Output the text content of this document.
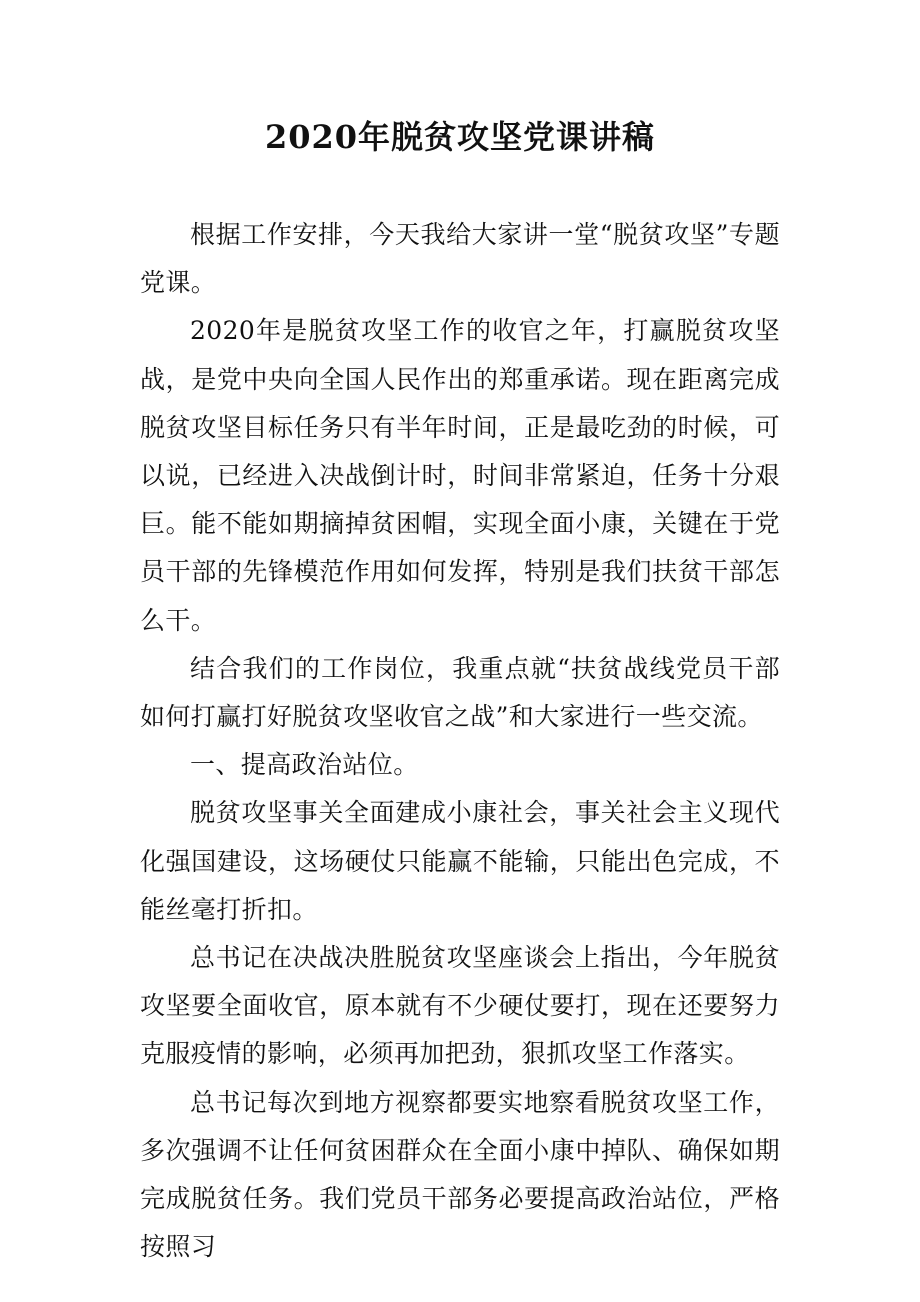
2020年脱贫攻坚党课讲稿

根据工作安排，今天我给大家讲一堂“脱贫攻坚”专题党课。

2020年是脱贫攻坚工作的收官之年，打赢脱贫攻坚战，是党中央向全国人民作出的郑重承诺。现在距离完成脱贫攻坚目标任务只有半年时间，正是最吃劲的时候，可以说，已经进入决战倒计时，时间非常紧迫，任务十分艰巨。能不能如期摘掉贫困帽，实现全面小康，关键在于党员干部的先锋模范作用如何发挥，特别是我们扶贫干部怎么干。

结合我们的工作岗位，我重点就“扶贫战线党员干部如何打赢打好脱贫攻坚收官之战”和大家进行一些交流。

一、提高政治站位。

脱贫攻坚事关全面建成小康社会，事关社会主义现代化强国建设，这场硬仗只能赢不能输，只能出色完成，不能丝毫打折扣。

总书记在决战决胜脱贫攻坚座谈会上指出，今年脱贫攻坚要全面收官，原本就有不少硬仗要打，现在还要努力克服疫情的影响，必须再加把劲，狠抓攻坚工作落实。

总书记每次到地方视察都要实地察看脱贫攻坚工作，多次强调不让任何贫困群众在全面小康中掉队、确保如期完成脱贫任务。我们党员干部务必要提高政治站位，严格按照习
